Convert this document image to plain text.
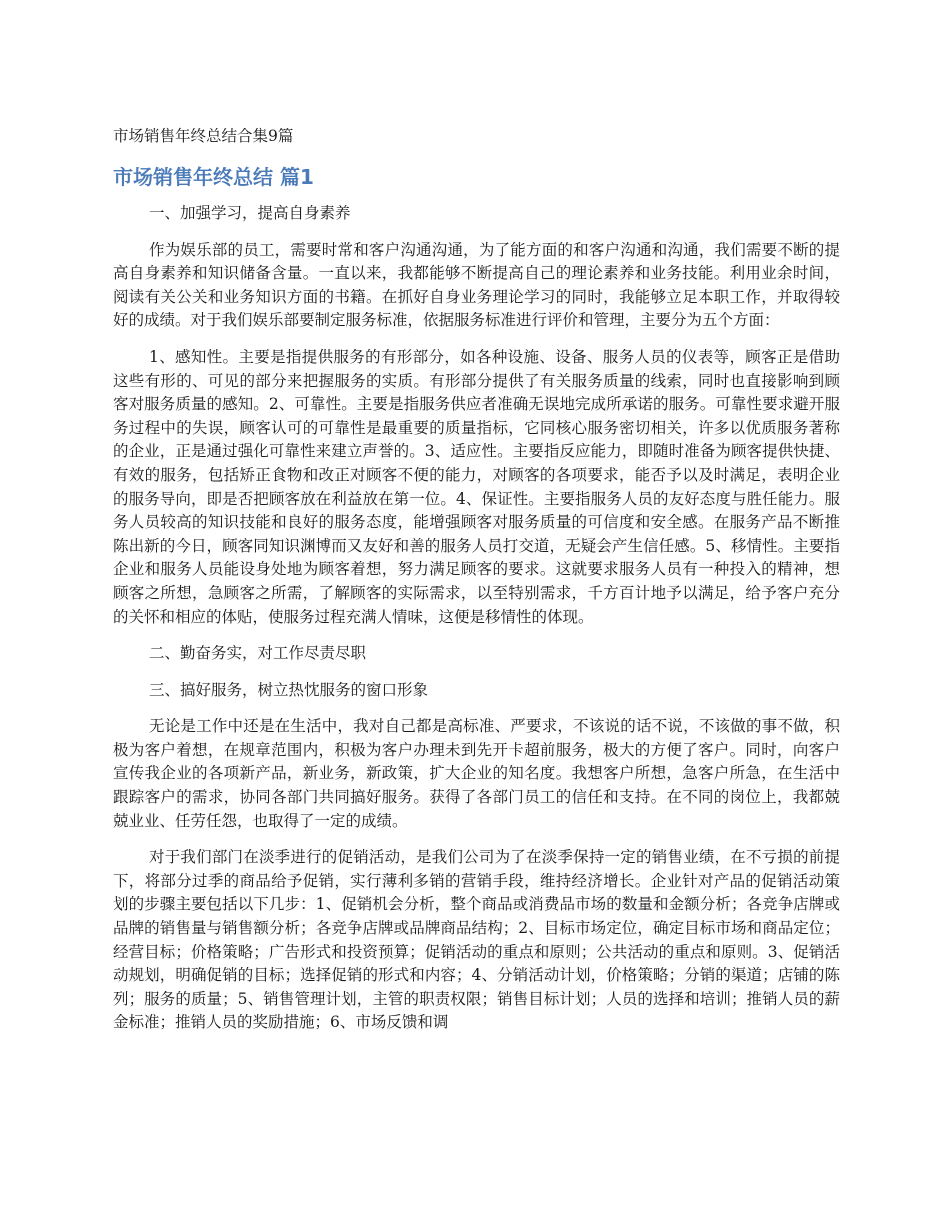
市场销售年终总结合集9篇
市场销售年终总结 篇1

一、加强学习，提高自身素养

作为娱乐部的员工，需要时常和客户沟通沟通，为了能方面的和客户沟通和沟通，我们需要不断的提高自身素养和知识储备含量。一直以来，我都能够不断提高自己的理论素养和业务技能。利用业余时间，阅读有关公关和业务知识方面的书籍。在抓好自身业务理论学习的同时，我能够立足本职工作，并取得较好的成绩。对于我们娱乐部要制定服务标准，依据服务标准进行评价和管理，主要分为五个方面：

1、感知性。主要是指提供服务的有形部分，如各种设施、设备、服务人员的仪表等，顾客正是借助这些有形的、可见的部分来把握服务的实质。有形部分提供了有关服务质量的线索，同时也直接影响到顾客对服务质量的感知。2、可靠性。主要是指服务供应者准确无误地完成所承诺的服务。可靠性要求避开服务过程中的失误，顾客认可的可靠性是最重要的质量指标，它同核心服务密切相关，许多以优质服务著称的企业，正是通过强化可靠性来建立声誉的。3、适应性。主要指反应能力，即随时准备为顾客提供快捷、有效的服务，包括矫正食物和改正对顾客不便的能力，对顾客的各项要求，能否予以及时满足，表明企业的服务导向，即是否把顾客放在利益放在第一位。4、保证性。主要指服务人员的友好态度与胜任能力。服务人员较高的知识技能和良好的服务态度，能增强顾客对服务质量的可信度和安全感。在服务产品不断推陈出新的今日，顾客同知识渊博而又友好和善的服务人员打交道，无疑会产生信任感。5、移情性。主要指企业和服务人员能设身处地为顾客着想，努力满足顾客的要求。这就要求服务人员有一种投入的精神，想顾客之所想，急顾客之所需，了解顾客的实际需求，以至特别需求，千方百计地予以满足，给予客户充分的关怀和相应的体贴，使服务过程充满人情味，这便是移情性的体现。

二、勤奋务实，对工作尽责尽职

三、搞好服务，树立热忱服务的窗口形象

无论是工作中还是在生活中，我对自己都是高标准、严要求，不该说的话不说，不该做的事不做，积极为客户着想，在规章范围内，积极为客户办理未到先开卡超前服务，极大的方便了客户。同时，向客户宣传我企业的各项新产品，新业务，新政策，扩大企业的知名度。我想客户所想，急客户所急，在生活中跟踪客户的需求，协同各部门共同搞好服务。获得了各部门员工的信任和支持。在不同的岗位上，我都兢兢业业、任劳任怨，也取得了一定的成绩。

对于我们部门在淡季进行的促销活动，是我们公司为了在淡季保持一定的销售业绩，在不亏损的前提下，将部分过季的商品给予促销，实行薄利多销的营销手段，维持经济增长。企业针对产品的促销活动策划的步骤主要包括以下几步：1、促销机会分析，整个商品或消费品市场的数量和金额分析；各竞争店牌或品牌的销售量与销售额分析；各竞争店牌或品牌商品结构；2、目标市场定位，确定目标市场和商品定位；经营目标；价格策略；广告形式和投资预算；促销活动的重点和原则；公共活动的重点和原则。3、促销活动规划，明确促销的目标；选择促销的形式和内容；4、分销活动计划，价格策略；分销的渠道；店铺的陈列；服务的质量；5、销售管理计划，主管的职责权限；销售目标计划；人员的选择和培训；推销人员的薪金标准；推销人员的奖励措施；6、市场反馈和调
